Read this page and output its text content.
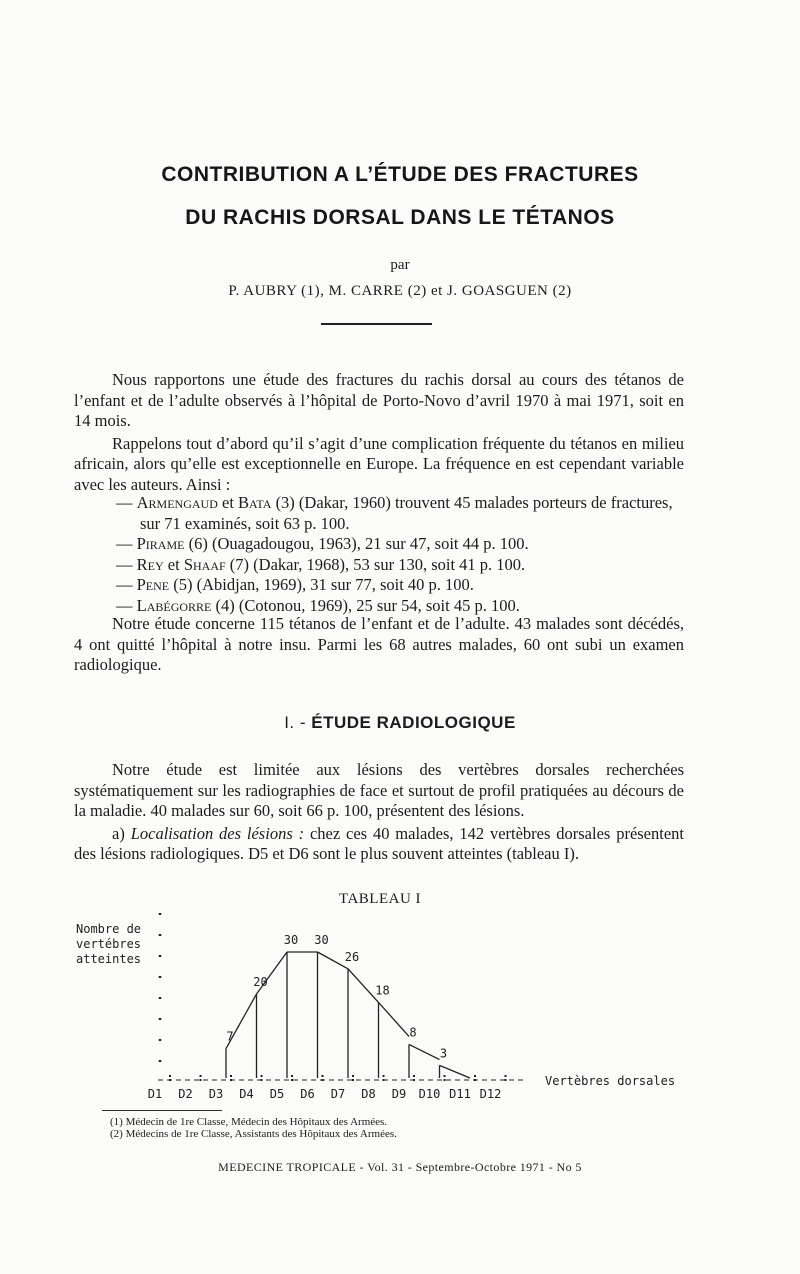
CONTRIBUTION A L’ÉTUDE DES FRACTURES
DU RACHIS DORSAL DANS LE TÉTANOS
par
P. AUBRY (1), M. CARRE (2) et J. GOASGUEN (2)

Nous rapportons une étude des fractures du rachis dorsal au cours des tétanos de l’enfant et de l’adulte observés à l’hôpital de Porto-Novo d’avril 1970 à mai 1971, soit en 14 mois.

Rappelons tout d’abord qu’il s’agit d’une complication fréquente du tétanos en milieu africain, alors qu’elle est exceptionnelle en Europe. La fréquence en est cependant variable avec les auteurs. Ainsi :

— Armengaud et Bata (3) (Dakar, 1960) trouvent 45 malades porteurs de fractures, sur 71 examinés, soit 63 p. 100.
— Pirame (6) (Ouagadougou, 1963), 21 sur 47, soit 44 p. 100.
— Rey et Shaaf (7) (Dakar, 1968), 53 sur 130, soit 41 p. 100.
— Pene (5) (Abidjan, 1969), 31 sur 77, soit 40 p. 100.
— Labégorre (4) (Cotonou, 1969), 25 sur 54, soit 45 p. 100.

Notre étude concerne 115 tétanos de l’enfant et de l’adulte. 43 malades sont décédés, 4 ont quitté l’hôpital à notre insu. Parmi les 68 autres malades, 60 ont subi un examen radiologique.

I. - ÉTUDE RADIOLOGIQUE

Notre étude est limitée aux lésions des vertèbres dorsales recherchées systématiquement sur les radiographies de face et surtout de profil pratiquées au décours de la maladie. 40 malades sur 60, soit 66 p. 100, présentent des lésions.

a) Localisation des lésions : chez ces 40 malades, 142 vertèbres dorsales présentent des lésions radiologiques. D5 et D6 sont le plus souvent atteintes (tableau I).

TABLEAU I
Nombre de
vertébres
atteintes
Vertèbres dorsales
D1 D2 D3 D4 D5 D6 D7 D8 D9 D10 D11 D12
7
20
30 30
26
18
8
3
(1) Médecin de 1re Classe, Médecin des Hôpitaux des Armées.
(2) Médecins de 1re Classe, Assistants des Hôpitaux des Armées.
MEDECINE TROPICALE - Vol. 31 - Septembre-Octobre 1971 - No 5
